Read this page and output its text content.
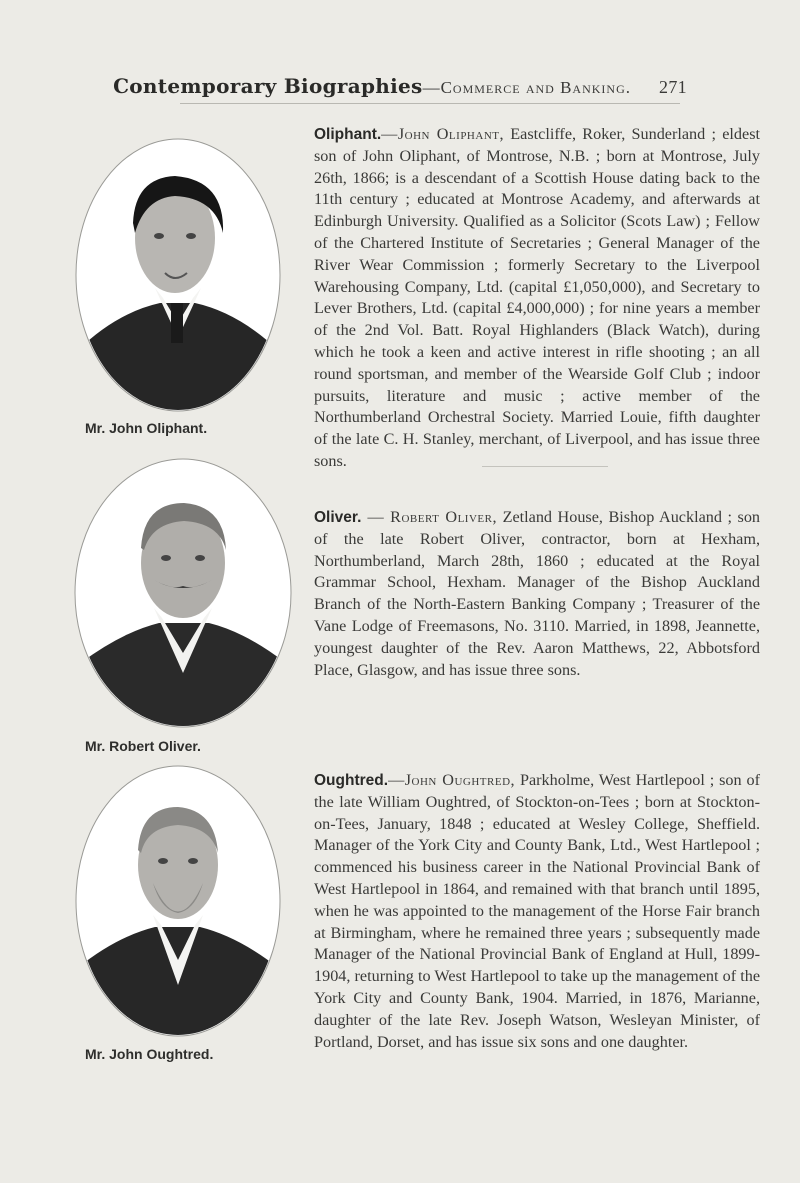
Contemporary Biographies—Commerce and Banking. 271
Mr. John Oliphant.
Oliphant.—John Oliphant, Eastcliffe, Roker, Sunderland ; eldest son of John Oliphant, of Montrose, N.B. ; born at Montrose, July 26th, 1866; is a descendant of a Scottish House dating back to the 11th century ; educated at Montrose Academy, and afterwards at Edinburgh University. Qualified as a Solicitor (Scots Law) ; Fellow of the Chartered Institute of Secretaries ; General Manager of the River Wear Commission ; formerly Secretary to the Liverpool Warehousing Company, Ltd. (capital £1,050,000), and Secretary to Lever Brothers, Ltd. (capital £4,000,000) ; for nine years a member of the 2nd Vol. Batt. Royal Highlanders (Black Watch), during which he took a keen and active interest in rifle shooting ; an all round sportsman, and member of the Wearside Golf Club ; indoor pursuits, literature and music ; active member of the Northumberland Orchestral Society. Married Louie, fifth daughter of the late C. H. Stanley, merchant, of Liverpool, and has issue three sons.
Mr. Robert Oliver.
Oliver. — Robert Oliver, Zetland House, Bishop Auckland ; son of the late Robert Oliver, contractor, born at Hexham, Northumberland, March 28th, 1860 ; educated at the Royal Grammar School, Hexham. Manager of the Bishop Auckland Branch of the North-Eastern Banking Company ; Treasurer of the Vane Lodge of Freemasons, No. 3110. Married, in 1898, Jeannette, youngest daughter of the Rev. Aaron Matthews, 22, Abbotsford Place, Glasgow, and has issue three sons.
Mr. John Oughtred.
Oughtred.—John Oughtred, Parkholme, West Hartlepool ; son of the late William Oughtred, of Stockton-on-Tees ; born at Stockton-on-Tees, January, 1848 ; educated at Wesley College, Sheffield. Manager of the York City and County Bank, Ltd., West Hartlepool ; commenced his business career in the National Provincial Bank of West Hartlepool in 1864, and remained with that branch until 1895, when he was appointed to the management of the Horse Fair branch at Birmingham, where he remained three years ; subsequently made Manager of the National Provincial Bank of England at Hull, 1899-1904, returning to West Hartlepool to take up the management of the York City and County Bank, 1904. Married, in 1876, Marianne, daughter of the late Rev. Joseph Watson, Wesleyan Minister, of Portland, Dorset, and has issue six sons and one daughter.
